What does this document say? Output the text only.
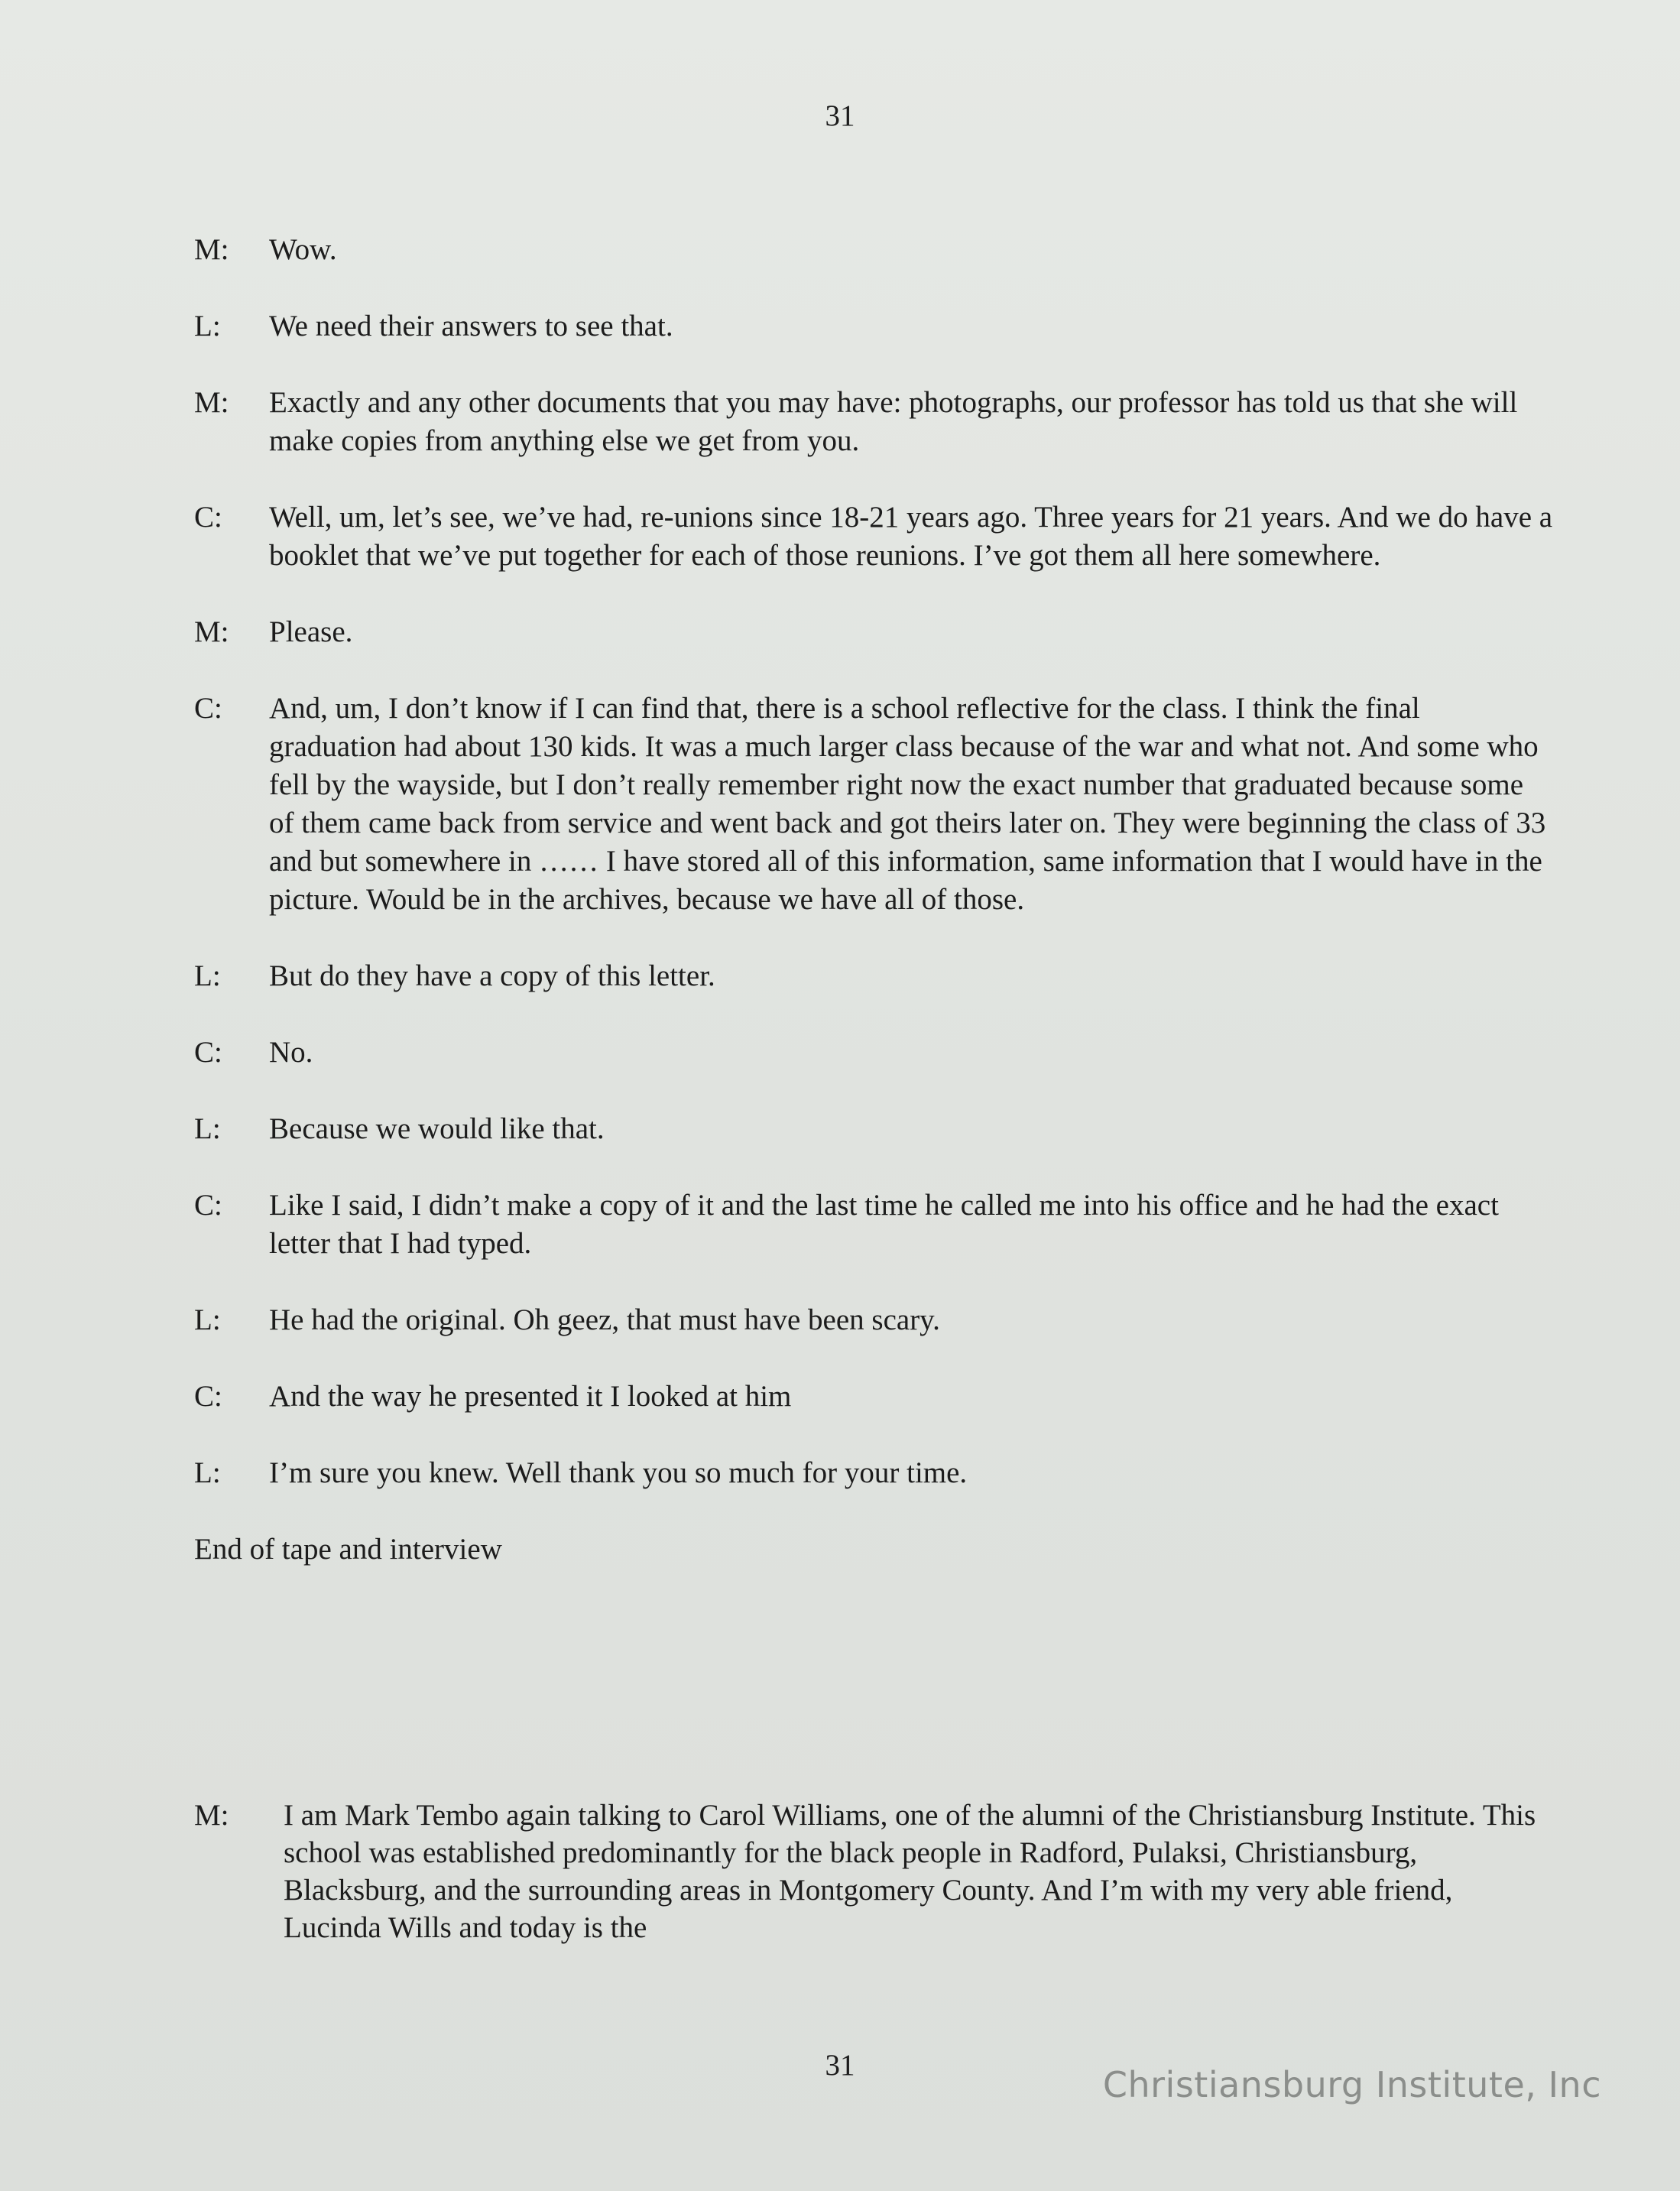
31
M:	Wow.
L:	We need their answers to see that.
M:	Exactly and any other documents that you may have: photographs, our professor has told us that she will make copies from anything else we get from you.
C:	Well, um, let’s see, we’ve had, re-unions since 18-21 years ago. Three years for 21 years. And we do have a booklet that we’ve put together for each of those reunions. I’ve got them all here somewhere.
M:	Please.
C:	And, um, I don’t know if I can find that, there is a school reflective for the class. I think the final graduation had about 130 kids. It was a much larger class because of the war and what not. And some who fell by the wayside, but I don’t really remember right now the exact number that graduated because some of them came back from service and went back and got theirs later on. They were beginning the class of 33 and but somewhere in …… I have stored all of this information, same information that I would have in the picture. Would be in the archives, because we have all of those.
L:	But do they have a copy of this letter.
C:	No.
L:	Because we would like that.
C:	Like I said, I didn’t make a copy of it and the last time he called me into his office and he had the exact letter that I had typed.
L:	He had the original. Oh geez, that must have been scary.
C:	And the way he presented it I looked at him
L:	I’m sure you knew. Well thank you so much for your time.
End of tape and interview
M:	I am Mark Tembo again talking to Carol Williams, one of the alumni of the Christiansburg Institute. This school was established predominantly for the black people in Radford, Pulaksi, Christiansburg, Blacksburg, and the surrounding areas in Montgomery County. And I’m with my very able friend, Lucinda Wills and today is the
31	Christiansburg Institute, Inc
